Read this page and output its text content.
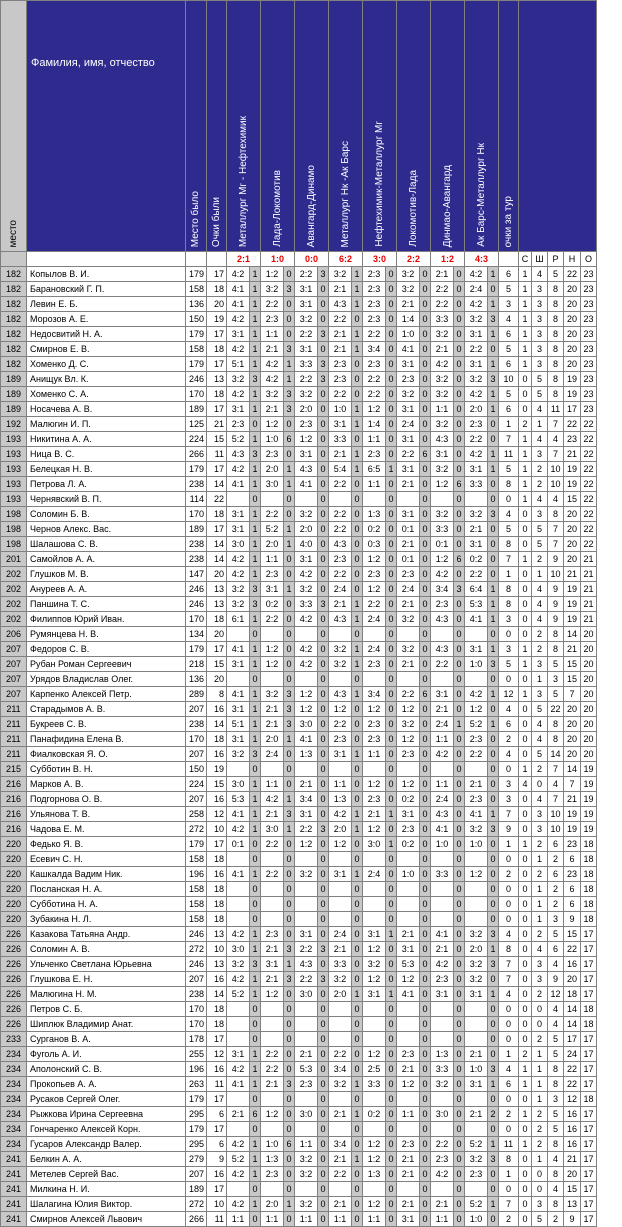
место	Фамилия, имя, отчество	Место было	Очки были	Металлург Мг - Нефтехимик		Лада-Локомотив		Авангард-Динамо		Металлург Нк -Ак Барс		Нефтехимик-Металлург Мг		Локомотив-Лада		Динмао-Авангард		Ак Барс-Металлург Нк		очки за тур					
				2:1		1:0		0:0		6:2		3:0		2:2		1:2		4:3			С	Ш	Р	Н	О
182	Копылов В. И.	179	17	4:2	1	1:2	0	2:2	3	3:2	1	2:3	0	3:2	0	2:1	0	4:2	1	6	1	4	5	22	23
182	Барановский Г. П.	158	18	4:1	1	3:2	3	3:1	0	2:1	1	2:3	0	3:2	0	2:2	0	2:4	0	5	1	3	8	20	23
182	Левин Е. Б.	136	20	4:1	1	2:2	0	3:1	0	4:3	1	2:3	0	2:1	0	2:2	0	4:2	1	3	1	3	8	20	23
182	Морозов А. Е.	150	19	4:2	1	2:3	0	3:2	0	2:2	0	2:3	0	1:4	0	3:3	0	3:2	3	4	1	3	8	20	23
182	Недосвитий Н. А.	179	17	3:1	1	1:1	0	2:2	3	2:1	1	2:2	0	1:0	0	3:2	0	3:1	1	6	1	3	8	20	23
182	Смирнов Е. В.	158	18	4:2	1	2:1	3	3:1	0	2:1	1	3:4	0	4:1	0	2:1	0	2:2	0	5	1	3	8	20	23
182	Хоменко Д. С.	179	17	5:1	1	4:2	1	3:3	3	2:3	0	2:3	0	3:1	0	4:2	0	3:1	1	6	1	3	8	20	23
189	Анищук Вл. К.	246	13	3:2	3	4:2	1	2:2	3	2:3	0	2:2	0	2:3	0	3:2	0	3:2	3	10	0	5	8	19	23
189	Хоменко С. А.	170	18	4:2	1	3:2	3	3:2	0	2:2	0	2:2	0	3:2	0	3:2	0	4:2	1	5	0	5	8	19	23
189	Носачева А. В.	189	17	3:1	1	2:1	3	2:0	0	1:0	1	1:2	0	3:1	0	1:1	0	2:0	1	6	0	4	11	17	23
192	Малюгин И. П.	125	21	2:3	0	1:2	0	2:3	0	3:1	1	1:4	0	2:4	0	3:2	0	2:3	0	1	2	1	7	22	22
193	Никитина А. А.	224	15	5:2	1	1:0	6	1:2	0	3:3	0	1:1	0	3:1	0	4:3	0	2:2	0	7	1	4	4	23	22
193	Ница В. С.	266	11	4:3	3	2:3	0	3:1	0	2:1	1	2:3	0	2:2	6	3:1	0	4:2	1	11	1	3	7	21	22
193	Белецкая Н. В.	179	17	4:2	1	2:0	1	4:3	0	5:4	1	6:5	1	3:1	0	3:2	0	3:1	1	5	1	2	10	19	22
193	Петрова Л. А.	238	14	4:1	1	3:0	1	4:1	0	2:2	0	1:1	0	2:1	0	1:2	6	3:3	0	8	1	2	10	19	22
193	Чернявский В. П.	114	22		0		0		0		0		0		0		0		0	0	1	4	4	15	22
198	Соломин Б. В.	170	18	3:1	1	2:2	0	3:2	0	2:2	0	1:3	0	3:1	0	3:2	0	3:2	3	4	0	3	8	20	22
198	Чернов Алекс. Вас.	189	17	3:1	1	5:2	1	2:0	0	2:2	0	0:2	0	0:1	0	3:3	0	2:1	0	5	0	5	7	20	22
198	Шалашова С. В.	238	14	3:0	1	2:0	1	4:0	0	4:3	0	0:3	0	2:1	0	0:1	0	3:1	0	8	0	5	7	20	22
201	Самойлов А. А.	238	14	4:2	1	1:1	0	3:1	0	2:3	0	1:2	0	0:1	0	1:2	6	0:2	0	7	1	2	9	20	21
202	Глушков М. В.	147	20	4:2	1	2:3	0	4:2	0	2:2	0	2:3	0	2:3	0	4:2	0	2:2	0	1	0	1	10	21	21
202	Ануреев А. А.	246	13	3:2	3	3:1	1	3:2	0	2:4	0	1:2	0	2:4	0	3:4	3	6:4	1	8	0	4	9	19	21
202	Паншина Т. С.	246	13	3:2	3	0:2	0	3:3	3	2:1	1	2:2	0	2:1	0	2:3	0	5:3	1	8	0	4	9	19	21
202	Филиппов Юрий Иван.	170	18	6:1	1	2:2	0	4:2	0	4:3	1	2:4	0	3:2	0	4:3	0	4:1	1	3	0	4	9	19	21
206	Румянцева Н. В.	134	20		0		0		0		0		0		0		0		0	0	0	2	8	14	20
207	Федоров С. В.	179	17	4:1	1	1:2	0	4:2	0	3:2	1	2:4	0	3:2	0	4:3	0	3:1	1	3	1	2	8	21	20
207	Рубан Роман Сергеевич	218	15	3:1	1	1:2	0	4:2	0	3:2	1	2:3	0	2:1	0	2:2	0	1:0	3	5	1	3	5	15	20
207	Урядов Владислав Олег.	136	20		0		0		0		0		0		0		0		0	0	0	1	3	15	20
207	Карпенко Алексей Петр.	289	8	4:1	1	3:2	3	1:2	0	4:3	1	3:4	0	2:2	6	3:1	0	4:2	1	12	1	3	5	7	20
211	Старадымов А. В.	207	16	3:1	1	2:1	3	1:2	0	1:2	0	1:2	0	1:2	0	2:1	0	1:2	0	4	0	5	22	20	20
211	Букреев С. В.	238	14	5:1	1	2:1	3	3:0	0	2:2	0	2:3	0	3:2	0	2:4	1	5:2	1	6	0	4	8	20	20
211	Панафидина Елена В.	170	18	3:1	1	2:0	1	4:1	0	2:3	0	2:3	0	1:2	0	1:1	0	2:3	0	2	0	4	8	20	20
211	Фиалковская Я. О.	207	16	3:2	3	2:4	0	1:3	0	3:1	1	1:1	0	2:3	0	4:2	0	2:2	0	4	0	5	14	20	20
215	Субботин В. Н.	150	19		0		0		0		0		0		0		0		0	0	1	2	7	14	19
216	Марков А. В.	224	15	3:0	1	1:1	0	2:1	0	1:1	0	1:2	0	1:2	0	1:1	0	2:1	0	3	4	0	4	7	19
216	Подгорнова О. В.	207	16	5:3	1	4:2	1	3:4	0	1:3	0	2:3	0	0:2	0	2:4	0	2:3	0	3	0	4	7	21	19
216	Ульянова Т. В.	258	12	4:1	1	2:1	3	3:1	0	4:2	1	2:1	1	3:1	0	4:3	0	4:1	1	7	0	3	10	19	19
216	Чадова Е. М.	272	10	4:2	1	3:0	1	2:2	3	2:0	1	1:2	0	2:3	0	4:1	0	3:2	3	9	0	3	10	19	19
220	Федько Я. В.	179	17	0:1	0	2:2	0	1:2	0	1:2	0	3:0	1	0:2	0	1:0	0	1:0	0	1	1	2	6	23	18
220	Есевич С. Н.	158	18		0		0		0		0		0		0		0		0	0	0	1	2	6	18
220	Кашкалда Вадим Ник.	196	16	4:1	1	2:2	0	3:2	0	3:1	1	2:4	0	1:0	0	3:3	0	1:2	0	2	0	2	6	23	18
220	Посланская Н. А.	158	18		0		0		0		0		0		0		0		0	0	0	1	2	6	18
220	Субботина Н. А.	158	18		0		0		0		0		0		0		0		0	0	0	1	2	6	18
220	Зубакина Н. Л.	158	18		0		0		0		0		0		0		0		0	0	0	1	3	9	18
226	Казакова Татьяна Андр.	246	13	4:2	1	2:3	0	3:1	0	2:4	0	3:1	1	2:1	0	4:1	0	3:2	3	4	0	2	5	15	17
226	Соломин А. В.	272	10	3:0	1	2:1	3	2:2	3	2:1	0	1:2	0	3:1	0	2:1	0	2:0	1	8	0	4	6	22	17
226	Ульченко Светлана Юрьевна	246	13	3:2	3	3:1	1	4:3	0	3:3	0	3:2	0	5:3	0	4:2	0	3:2	3	7	0	3	4	16	17
226	Глушкова Е. Н.	207	16	4:2	1	2:1	3	2:2	3	3:2	0	1:2	0	1:2	0	2:3	0	3:2	0	7	0	3	9	20	17
226	Малюгина Н. М.	238	14	5:2	1	1:2	0	3:0	0	2:0	1	3:1	1	4:1	0	3:1	0	3:1	1	4	0	2	12	18	17
226	Петров С. Б.	170	18		0		0		0		0		0		0		0		0	0	0	0	4	14	18
226	Шиплюк Владимир Анат.	170	18		0		0		0		0		0		0		0		0	0	0	0	4	14	18
233	Сурганов В. А.	178	17		0		0		0		0		0		0		0		0	0	0	2	5	17	17
234	Фуголь А. И.	255	12	3:1	1	2:2	0	2:1	0	2:2	0	1:2	0	2:3	0	1:3	0	2:1	0	1	2	1	5	24	17
234	Аполонский С. В.	196	16	4:2	1	2:2	0	5:3	0	3:4	0	2:5	0	2:1	0	3:3	0	1:0	3	4	1	1	8	22	17
234	Прокопьев А. А.	263	11	4:1	1	2:1	3	2:3	0	3:2	1	3:3	0	1:2	0	3:2	0	3:1	1	6	1	1	8	22	17
234	Русаков Сергей Олег.	179	17		0		0		0		0		0		0		0		0	0	0	1	3	12	18
234	Рыжкова Ирина Сергеевна	295	6	2:1	6	1:2	0	3:0	0	2:1	1	0:2	0	1:1	0	3:0	0	2:1	2	2	1	2	5	16	17
234	Гончаренко Алексей Корн.	179	17		0		0		0		0		0		0		0		0	0	0	2	5	16	17
234	Гусаров Александр Валер.	295	6	4:2	1	1:0	6	1:1	0	3:4	0	1:2	0	2:3	0	2:2	0	5:2	1	11	1	2	8	16	17
241	Белкин А. А.	279	9	5:2	1	1:3	0	3:2	0	2:1	1	1:2	0	2:1	0	2:3	0	3:2	3	8	0	1	4	21	17
241	Метелев Сергей Вас.	207	16	4:2	1	2:3	0	3:2	0	2:2	0	1:3	0	2:1	0	4:2	0	2:3	0	1	0	0	8	20	17
241	Милкина Н. И.	189	17		0		0		0		0		0		0		0		0	0	0	0	4	15	17
241	Шалагина Юлия Виктор.	272	10	4:2	1	2:0	1	3:2	0	2:1	0	1:2	0	2:1	0	2:1	0	5:2	1	7	0	3	8	13	17
241	Смирнов Алексей Львович	266	11	1:1	0	1:1	0	1:1	0	1:1	0	1:1	0	3:1	0	1:1	0	1:0	0	2	0	5	2	9	17
